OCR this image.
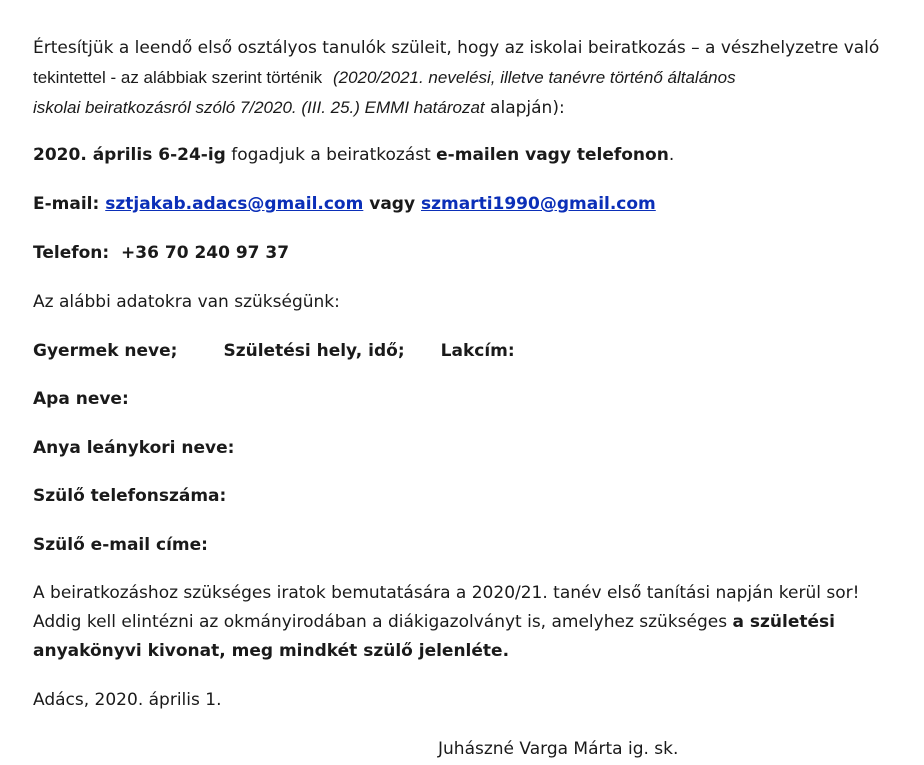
Értesítjük a leendő első osztályos tanulók szüleit, hogy az iskolai beiratkozás – a vészhelyzetre való
tekintettel - az alábbiak szerint történik (2020/2021. nevelési, illetve tanévre történő általános
iskolai beiratkozásról szóló 7/2020. (III. 25.) EMMI határozat alapján):

2020. április 6-24-ig fogadjuk a beiratkozást e-mailen vagy telefonon.

E-mail: sztjakab.adacs@gmail.com vagy szmarti1990@gmail.com

Telefon: +36 70 240 97 37

Az alábbi adatokra van szükségünk:

Gyermek neve;	Születési hely, idő; Lakcím:

Apa neve:

Anya leánykori neve:

Szülő telefonszáma:

Szülő e-mail címe:

A beiratkozáshoz szükséges iratok bemutatására a 2020/21. tanév első tanítási napján kerül sor!
Addig kell elintézni az okmányirodában a diákigazolványt is, amelyhez szükséges a születési
anyakönyvi kivonat, meg mindkét szülő jelenléte.

Adács, 2020. április 1.

Juhászné Varga Márta ig. sk.
